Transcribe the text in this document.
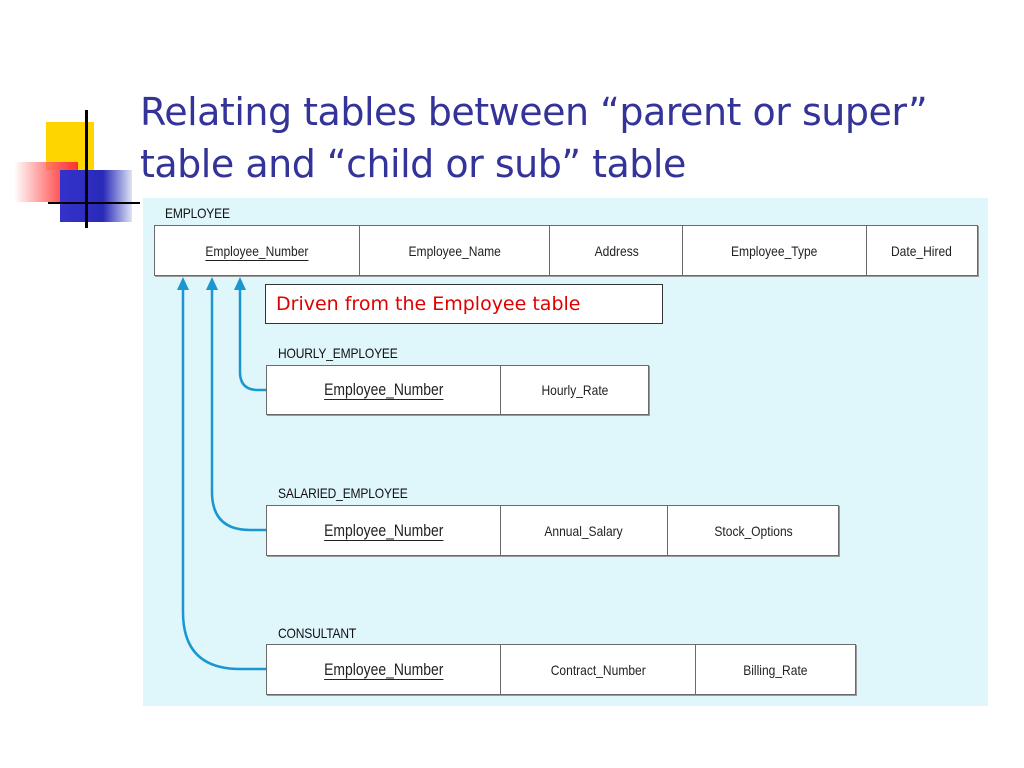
Relating tables between “parent or super”
table and “child or sub” table
EMPLOYEE
Employee_Number	Employee_Name	Address	Employee_Type	Date_Hired
Driven from the Employee table
HOURLY_EMPLOYEE
Employee_Number	Hourly_Rate
SALARIED_EMPLOYEE
Employee_Number	Annual_Salary	Stock_Options
CONSULTANT
Employee_Number	Contract_Number	Billing_Rate
